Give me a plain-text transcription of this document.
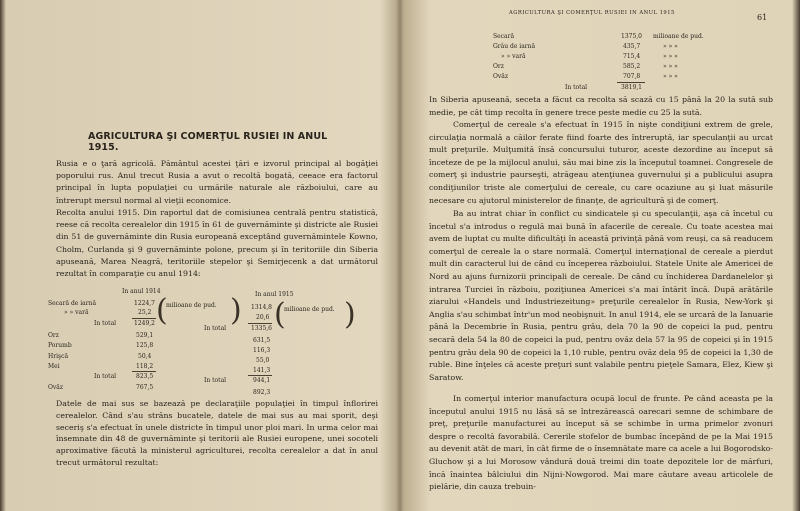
AGRICULTURA ŞI COMERŢUL RUSIEI IN ANUL 1915.
Rusia e o ţară agricolă. Pământul acestei ţări e izvorul principal al bogăţiei poporului rus. Anul trecut Rusia a avut o recoltă bogată, ceeace era factorul principal în lupta populaţiei cu urmările naturale ale războiului, care au întrerupt mersul normal al vieţii economice.
Recolta anului 1915. Din raportul dat de comisiunea centrală pentru statistică, reese că recolta cerealelor din 1915 în 61 de guvernăminte şi districte ale Rusiei din 51 de guvernăminte din Rusia europeană exceptând guvernămintele Kowno, Cholm, Curlanda şi 9 guvernăminte polone, precum şi în teritoriile din Siberia apuseană, Marea Neagră, teritoriile stepelor şi Semirjecenk a dat următorul rezultat în comparaţie cu anul 1914:
In anul 1914	In anul 1915
Secară de iarnă
» » vară
In total
Orz
Porumb
Hrişcă
Mei
In total
Ovăz
1224,7
25,2
1249,2
529,1
125,8
50,4
118,2
823,5
767,5
(
milioane de pud. )
In total
In total
1314,8
20,6
1335,6
631,5
116,3
55,0
141,3
944,1
892,3
(
milioane de pud. )
Datele de mai sus se bazează pe declaraţiile populaţiei în timpul înflorirei cerealelor. Când s'au strâns bucatele, datele de mai sus au mai sporit, deşi seceriş s'a efectuat în unele districte în timpul unor ploi mari. In urma celor mai însemnate din 48 de guvernăminte şi teritorii ale Rusiei europene, unei socoteli aproximative făcută la ministerul agriculturei, recolta cerealelor a dat în anul trecut următorul rezultat:
AGRICULTURA ŞI COMERŢUL RUSIEI IN ANUL 1915	61
Secară
Grâu de iarnă
» » vară
Orz
Ovăz
In total
1375,0
435,7
715,4
585,2
707,8
3819,1
milioane de pud.
» » »
» » »
» » »
» » »
In Siberia apuseană, seceta a făcut ca recolta să scază cu 15 până la 20 la sută sub medie, pe cât timp recolta în genere trece peste medie cu 25 la sută.
Comerţul de cereale s'a efectuat în 1915 în nişte condiţiuni extrem de grele, circulaţia normală a căilor ferate fiind foarte des întreruptă, iar speculanţii au urcat mult preţurile. Mulţumită însă concursului tuturor, aceste dezordine au început să înceteze de pe la mijlocul anului, său mai bine zis la începutul toamnei. Congresele de comerţ şi industrie paurseşti, atrăgeau atenţiunea guvernului şi a publicului asupra condiţiunilor triste ale comerţului de cereale, cu care ocaziune au şi luat măsurile necesare cu ajutorul ministerelor de finanţe, de agricultură şi de comerţ.
Ba au intrat chiar în conflict cu sindicatele şi cu speculanţii, aşa că încetul cu încetul s'a introdus o regulă mai bună în afacerile de cereale. Cu toate acestea mai avem de luptat cu multe dificultăţi în această privinţă până vom reuşi, ca să readucem comerţul de cereale la o stare normală. Comerţul internaţional de cereale a pierdut mult din caracterul lui de când cu începerea războiului. Statele Unite ale Americei de Nord au ajuns furnizorii principali de cereale. De când cu închiderea Dardanelelor şi intrarea Turciei în războiu, poziţiunea Americei s'a mai întărit încă. După arătările ziarului «Handels und Industriezeitung» preţurile cerealelor în Rusia, New-York şi Anglia s'au schimbat într'un mod neobişnuit. In anul 1914, ele se urcară de la Ianuarie până la Decembrie în Rusia, pentru grâu, dela 70 la 90 de copeici la pud, pentru secară dela 54 la 80 de copeici la pud, pentru ovăz dela 57 la 95 de copeici şi în 1915 pentru grâu dela 90 de copeici la 1,10 ruble, pentru ovăz dela 95 de copeici la 1,30 de ruble. Bine înţeles că aceste preţuri sunt valabile pentru pieţele Samara, Elez, Kiew şi Saratow.
In comerţul interior manufactura ocupă locul de frunte. Pe când aceasta pe la începutul anului 1915 nu lăsă să se întrezărească oarecari semne de schimbare de preţ, preţurile manufacturei au început să se schimbe în urma primelor zvonuri despre o recoltă favorabilă. Cererile stofelor de bumbac începând de pe la Mai 1915 au devenit atât de mari, în cât firme de o însemnătate mare ca acele a lui Bogorodsko-Gluchow şi a lui Morosow vândură două treimi din toate depozitele lor de mărfuri, încă înaintea bâlciului din Nijni-Nowgorod. Mai mare căutare aveau articolele de pielărie, din cauza trebuin-
